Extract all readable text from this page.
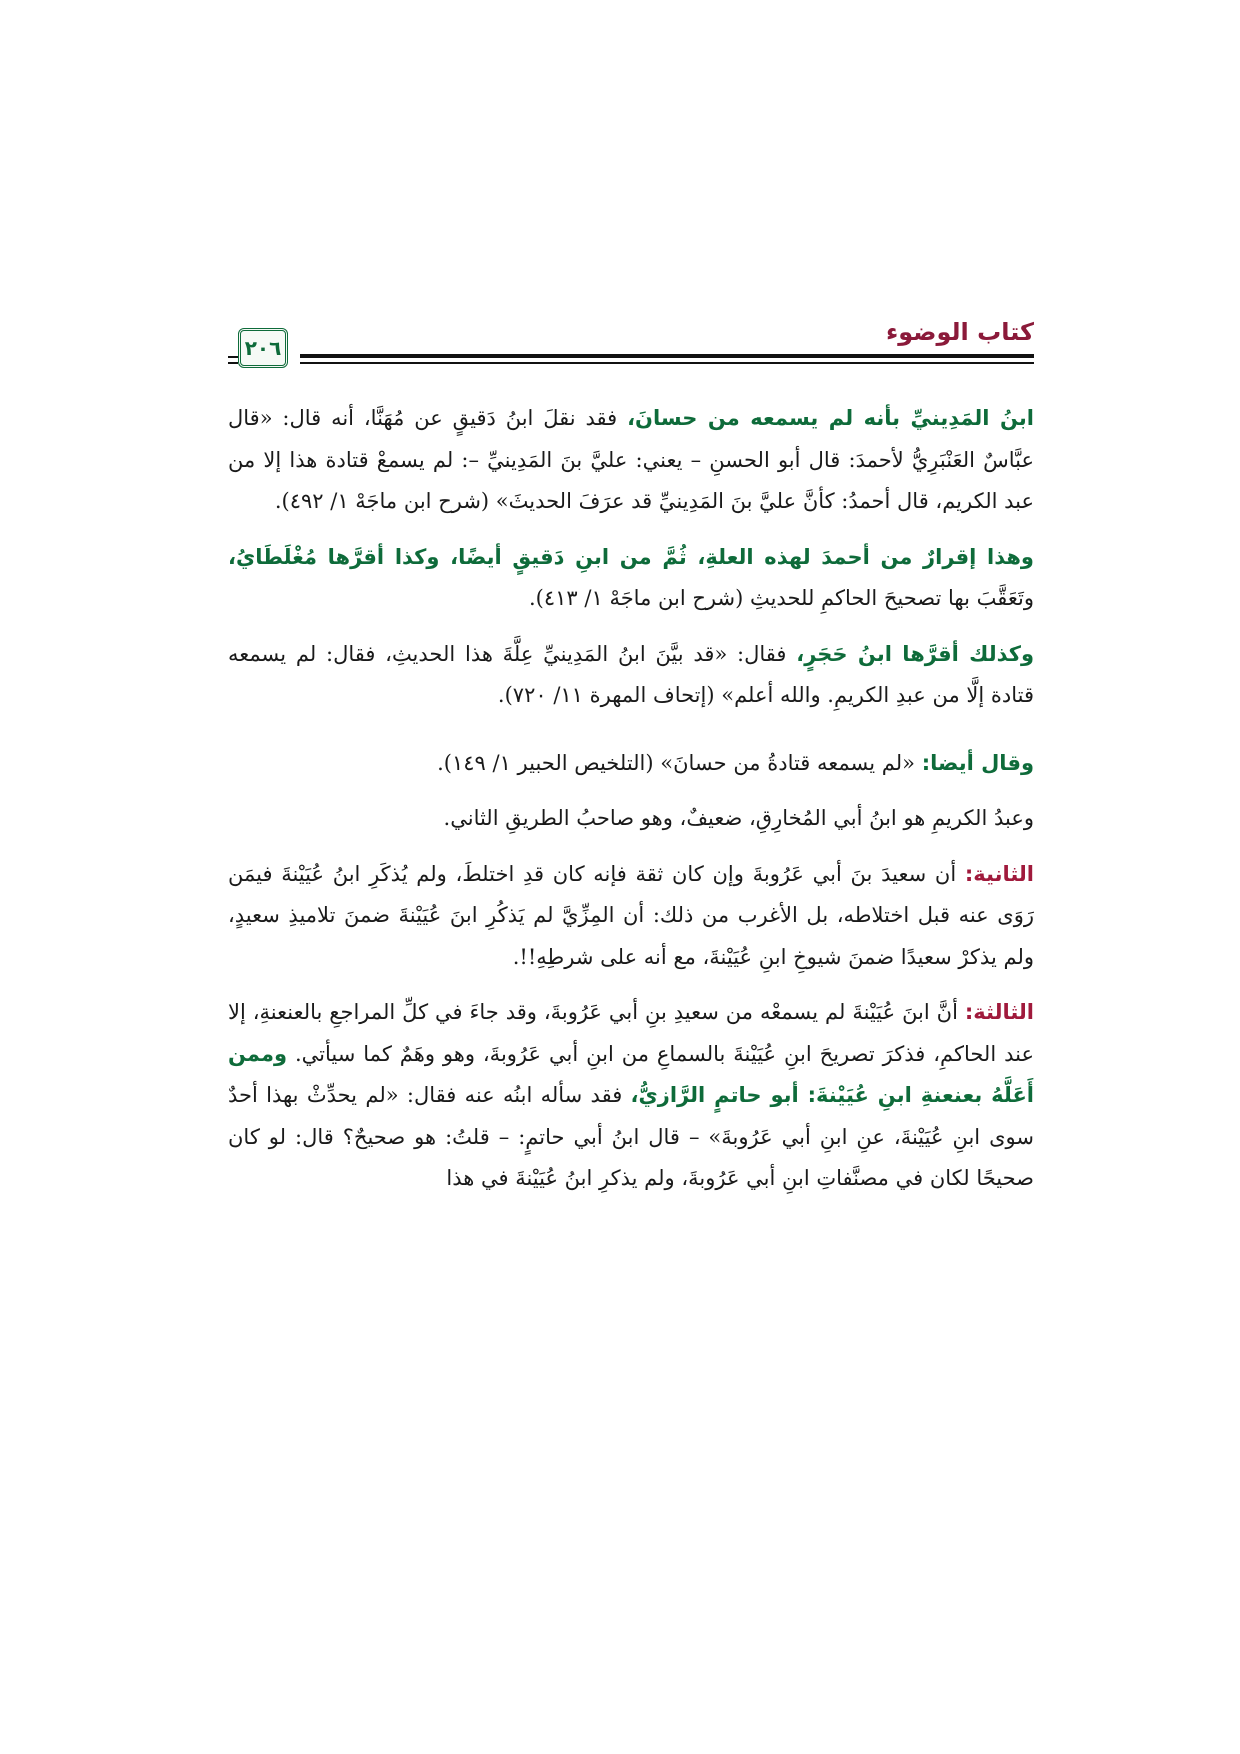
٢٠٦
كتاب الوضوء

ابنُ المَدِينيِّ بأنه لم يسمعه من حسانَ، فقد نقلَ ابنُ دَقيقٍ عن مُهَنَّا، أنه قال: «قال عبَّاسٌ العَنْبَرِيُّ لأحمدَ: قال أبو الحسنِ – يعني: عليَّ بنَ المَدِينيِّ –: لم يسمعْ قتادة هذا إلا من عبد الكريم، قال أحمدُ: كأنَّ عليَّ بنَ المَدِينيِّ قد عرَفَ الحديثَ» (شرح ابن ماجَهْ ١/ ٤٩٢).

وهذا إقرارٌ من أحمدَ لهذه العلةِ، ثُمَّ من ابنِ دَقيقٍ أيضًا، وكذا أقرَّها مُغْلَطَايُ، وتَعَقَّبَ بها تصحيحَ الحاكمِ للحديثِ (شرح ابن ماجَهْ ١/ ٤١٣).

وكذلك أقرَّها ابنُ حَجَرٍ، فقال: «قد بيَّنَ ابنُ المَدِينيِّ عِلَّةَ هذا الحديثِ، فقال: لم يسمعه قتادة إلَّا من عبدِ الكريمِ. والله أعلم» (إتحاف المهرة ١١/ ٧٢٠).

وقال أيضا: «لم يسمعه قتادةُ من حسانَ» (التلخيص الحبير ١/ ١٤٩).

وعبدُ الكريمِ هو ابنُ أبي المُخارِقِ، ضعيفٌ، وهو صاحبُ الطريقِ الثاني.

الثانية: أن سعيدَ بنَ أبي عَرُوبةَ وإن كان ثقة فإنه كان قدِ اختلطَ، ولم يُذكَرِ ابنُ عُيَيْنةَ فيمَن رَوَى عنه قبل اختلاطه، بل الأغرب من ذلك: أن المِزِّيَّ لم يَذكُرِ ابنَ عُيَيْنةَ ضمنَ تلاميذِ سعيدٍ، ولم يذكرْ سعيدًا ضمنَ شيوخِ ابنِ عُيَيْنةَ، مع أنه على شرطِهِ!!.

الثالثة: أنَّ ابنَ عُيَيْنةَ لم يسمعْه من سعيدِ بنِ أبي عَرُوبةَ، وقد جاءَ في كلِّ المراجعِ بالعنعنةِ، إلا عند الحاكمِ، فذكرَ تصريحَ ابنِ عُيَيْنةَ بالسماعِ من ابنِ أبي عَرُوبةَ، وهو وهَمٌ كما سيأتي. وممن أَعَلَّهُ بعنعنةِ ابنِ عُيَيْنةَ: أبو حاتمٍ الرَّازيُّ، فقد سأله ابنُه عنه فقال: «لم يحدِّثْ بهذا أحدٌ سوى ابنِ عُيَيْنةَ، عنِ ابنِ أبي عَرُوبةَ» – قال ابنُ أبي حاتمٍ: – قلتُ: هو صحيحٌ؟ قال: لو كان صحيحًا لكان في مصنَّفاتِ ابنِ أبي عَرُوبةَ، ولم يذكرِ ابنُ عُيَيْنةَ في هذا
